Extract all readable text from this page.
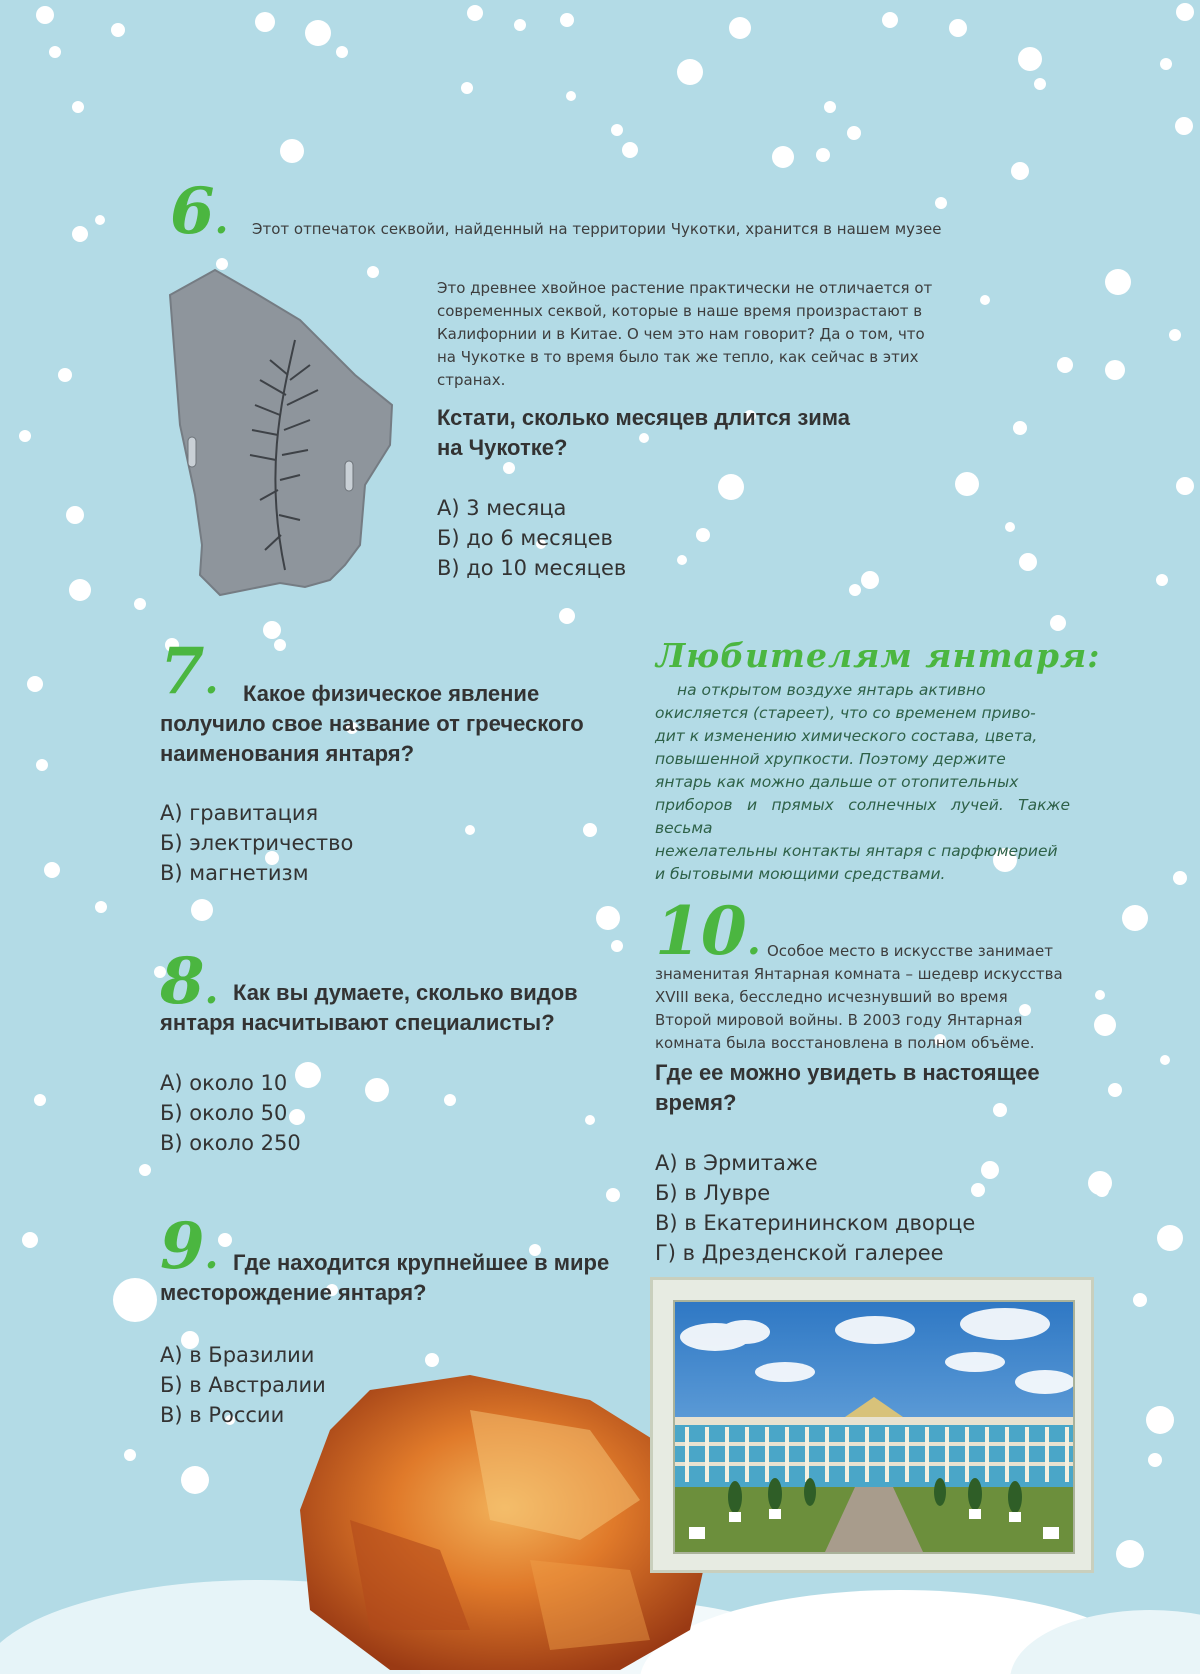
6. Этот отпечаток секвойи, найденный на территории Чукотки, хранится в нашем музее
Это древнее хвойное растение практически не отличается от
современных секвой, которые в наше время произрастают в
Калифорнии и в Китае. О чем это нам говорит? Да о том, что
на Чукотке в то время было так же тепло, как сейчас в этих
странах.
Кстати, сколько месяцев длится зима
на Чукотке?
А) 3 месяца
Б) до 6 месяцев
В) до 10 месяцев
7.	Какое физическое явление
получило свое название от греческого
наименования янтаря?
А) гравитация
Б) электричество
В) магнетизм
8. Как вы думаете, сколько видов
янтаря насчитывают специалисты?
А) около 10
Б) около 50
В) около 250
9. Где находится крупнейшее в мире
месторождение янтаря?
А) в Бразилии
Б) в Австралии
В) в России
Любителям янтаря:
на открытом воздухе янтарь активно
окисляется (стареет), что со временем приво-
дит к изменению химического состава, цвета,
повышенной хрупкости. Поэтому держите
янтарь как можно дальше от отопительных
приборов и прямых солнечных лучей. Также весьма
нежелательны контакты янтаря с парфюмерией
и бытовыми моющими средствами.
10. Особое место в искусстве занимает
знаменитая Янтарная комната – шедевр искусства
XVIII века, бесследно исчезнувший во время
Второй мировой войны. В 2003 году Янтарная
комната была восстановлена в полном объёме.
Где ее можно увидеть в настоящее
время?
А) в Эрмитаже
Б) в Лувре
В) в Екатерининском дворце
Г) в Дрезденской галерее
